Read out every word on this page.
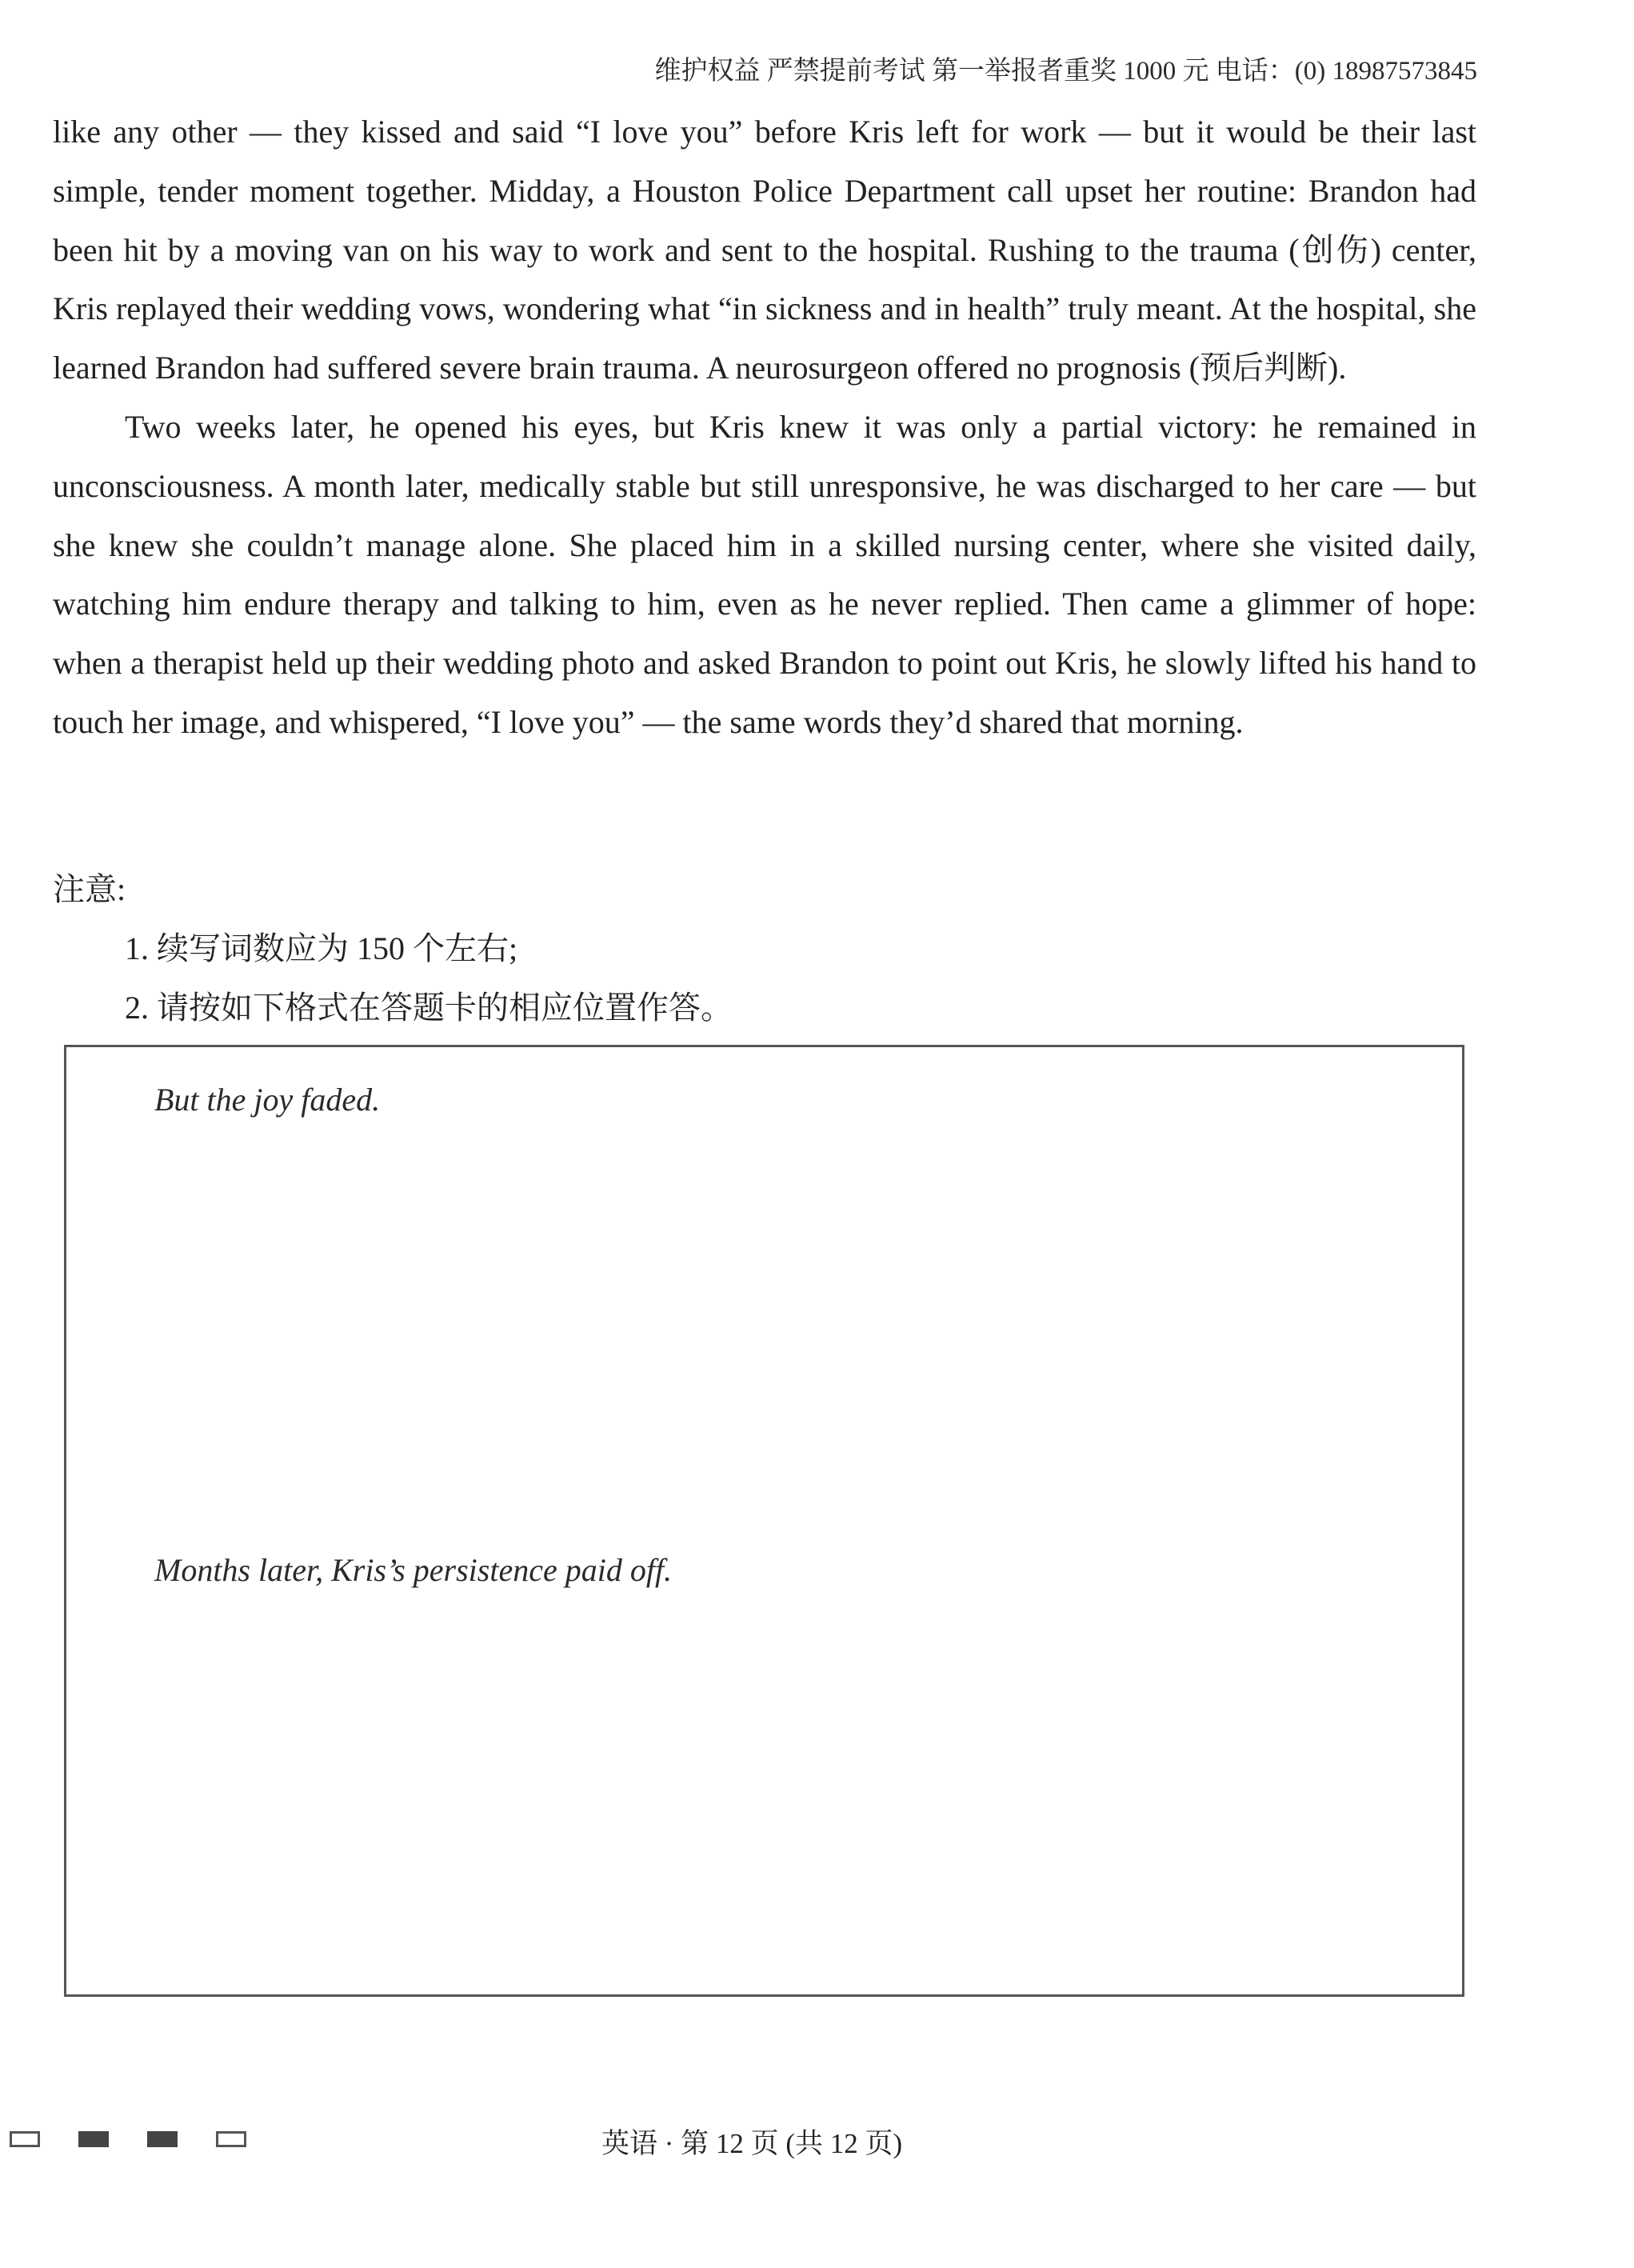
维护权益 严禁提前考试 第一举报者重奖 1000 元 电话：(0) 18987573845

like any other — they kissed and said “I love you” before Kris left for work — but it would be their last simple, tender moment together. Midday, a Houston Police Department call upset her routine: Brandon had been hit by a moving van on his way to work and sent to the hospital. Rushing to the trauma (创伤) center, Kris replayed their wedding vows, wondering what “in sickness and in health” truly meant. At the hospital, she learned Brandon had suffered severe brain trauma. A neurosurgeon offered no prognosis (预后判断).

Two weeks later, he opened his eyes, but Kris knew it was only a partial victory: he remained in unconsciousness. A month later, medically stable but still unresponsive, he was discharged to her care — but she knew she couldn’t manage alone. She placed him in a skilled nursing center, where she visited daily, watching him endure therapy and talking to him, even as he never replied. Then came a glimmer of hope: when a therapist held up their wedding photo and asked Brandon to point out Kris, he slowly lifted his hand to touch her image, and whispered, “I love you” — the same words they’d shared that morning.

注意:
1. 续写词数应为 150 个左右;
2. 请按如下格式在答题卡的相应位置作答。
But the joy faded.
Months later, Kris’s persistence paid off.
英语 · 第 12 页 (共 12 页)
